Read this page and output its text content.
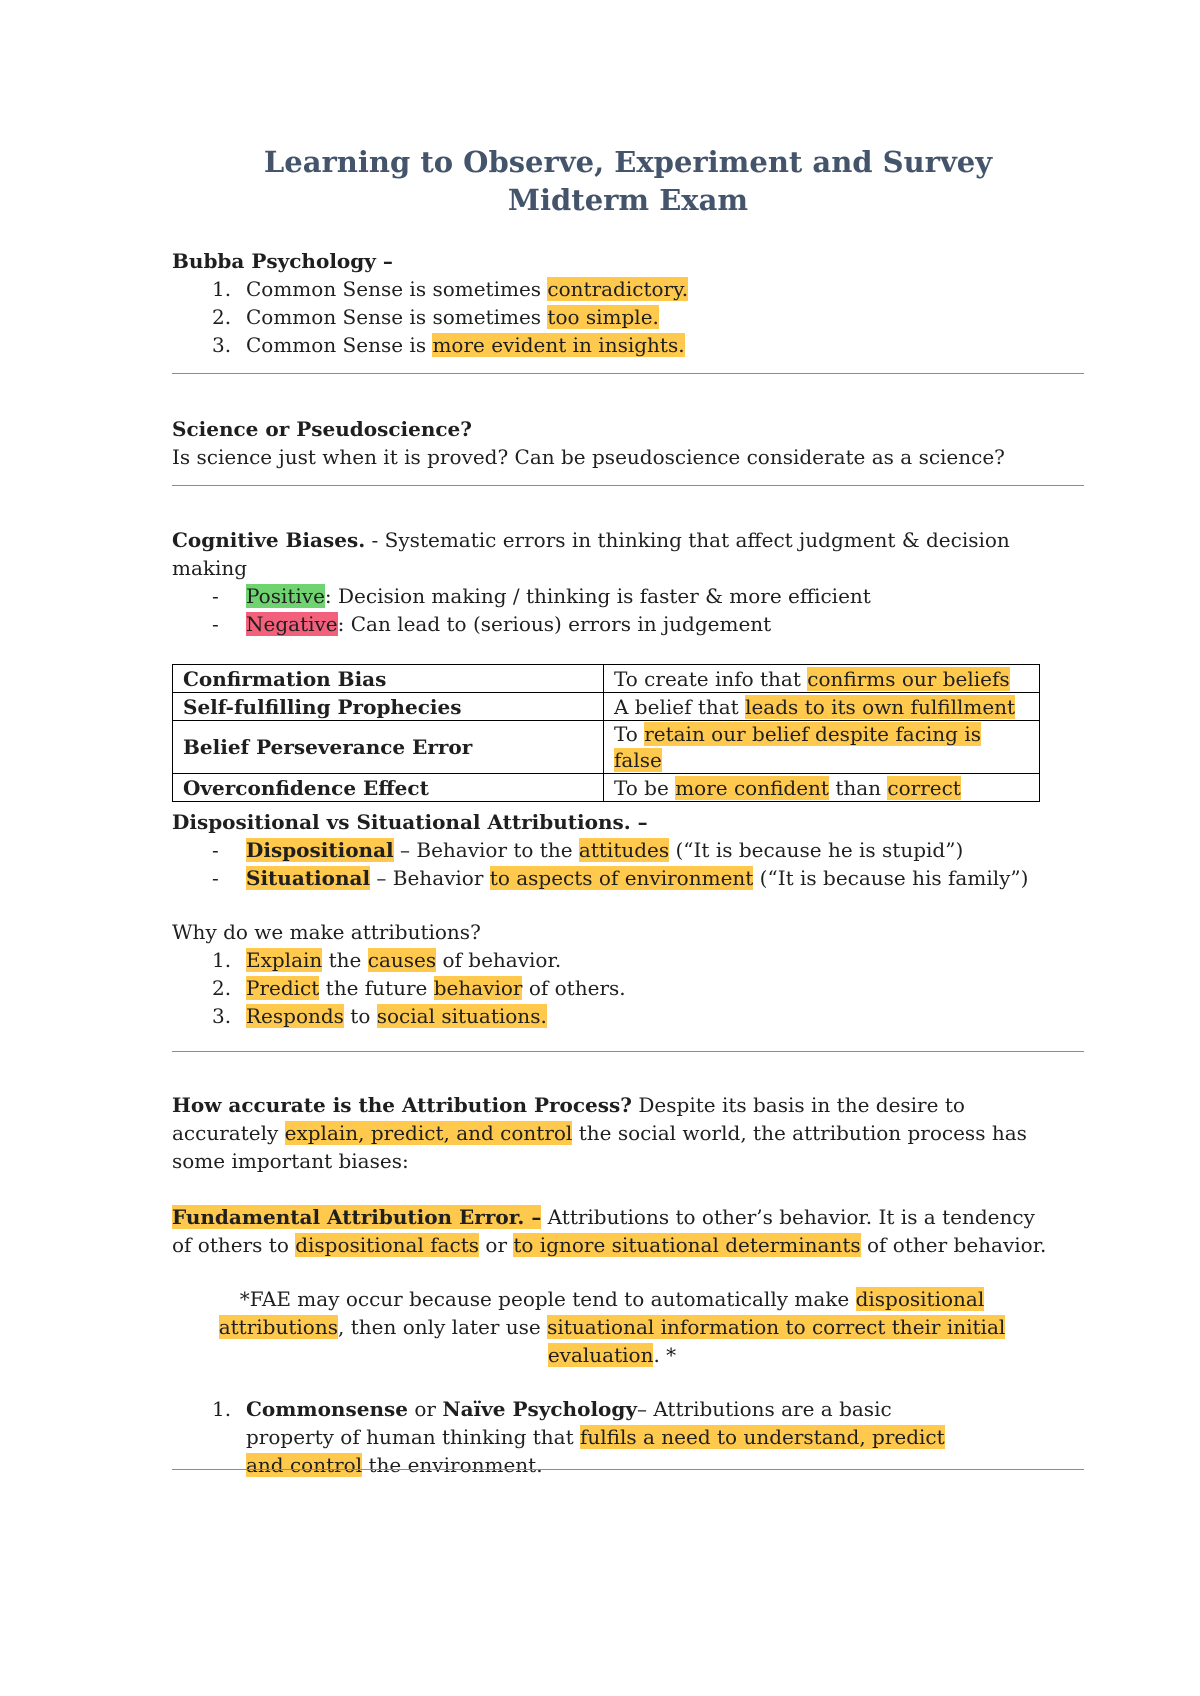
Learning to Observe, Experiment and Survey
Midterm Exam
Bubba Psychology –
1. Common Sense is sometimes contradictory.
2. Common Sense is sometimes too simple.
3. Common Sense is more evident in insights.
Science or Pseudoscience?
Is science just when it is proved? Can be pseudoscience considerate as a science?
Cognitive Biases. - Systematic errors in thinking that affect judgment & decision making
-	Positive: Decision making / thinking is faster & more efficient
-	Negative: Can lead to (serious) errors in judgement
Confirmation Bias	To create info that confirms our beliefs
Self-fulfilling Prophecies	A belief that leads to its own fulfillment
Belief Perseverance Error	To retain our belief despite facing is false
Overconfidence Effect	To be more confident than correct
Dispositional vs Situational Attributions. –
-	Dispositional – Behavior to the attitudes (“It is because he is stupid”)
-	Situational – Behavior to aspects of environment (“It is because his family”)
Why do we make attributions?
1. Explain the causes of behavior.
2. Predict the future behavior of others.
3. Responds to social situations.
How accurate is the Attribution Process? Despite its basis in the desire to accurately explain, predict, and control the social world, the attribution process has some important biases:
Fundamental Attribution Error. – Attributions to other’s behavior. It is a tendency of others to dispositional facts or to ignore situational determinants of other behavior.
*FAE may occur because people tend to automatically make dispositional attributions, then only later use situational information to correct their initial evaluation. *
1. Commonsense or Naïve Psychology– Attributions are a basic property of human thinking that fulfils a need to understand, predict and control the environment.
